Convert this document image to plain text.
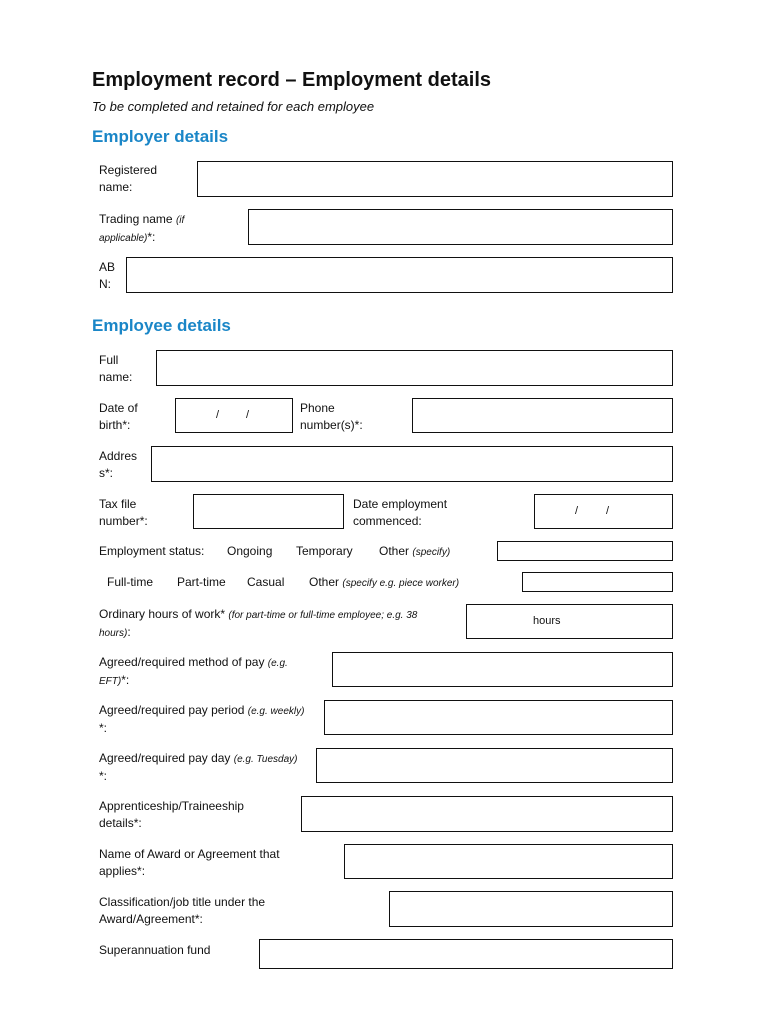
Employment record – Employment details
To be completed and retained for each employee
Employer details
Registered
name:
Trading name (if
applicable)*:
AB
N:
Employee details
Full
name:
Date of
birth*:
/ /	Phone
number(s)*:
Addres
s*:
Tax file
number*:
Date employment
commenced:
/	/
Employment status: Ongoing Temporary Other (specify)
Full-time Part-time Casual Other (specify e.g. piece worker)
Ordinary hours of work* (for part-time or full-time employee; e.g. 38
hours):
hours
Agreed/required method of pay (e.g.
EFT)*:
Agreed/required pay period (e.g. weekly)
*:
Agreed/required pay day (e.g. Tuesday)
*:
Apprenticeship/Traineeship
details*:
Name of Award or Agreement that
applies*:
Classification/job title under the
Award/Agreement*:
Superannuation fund
